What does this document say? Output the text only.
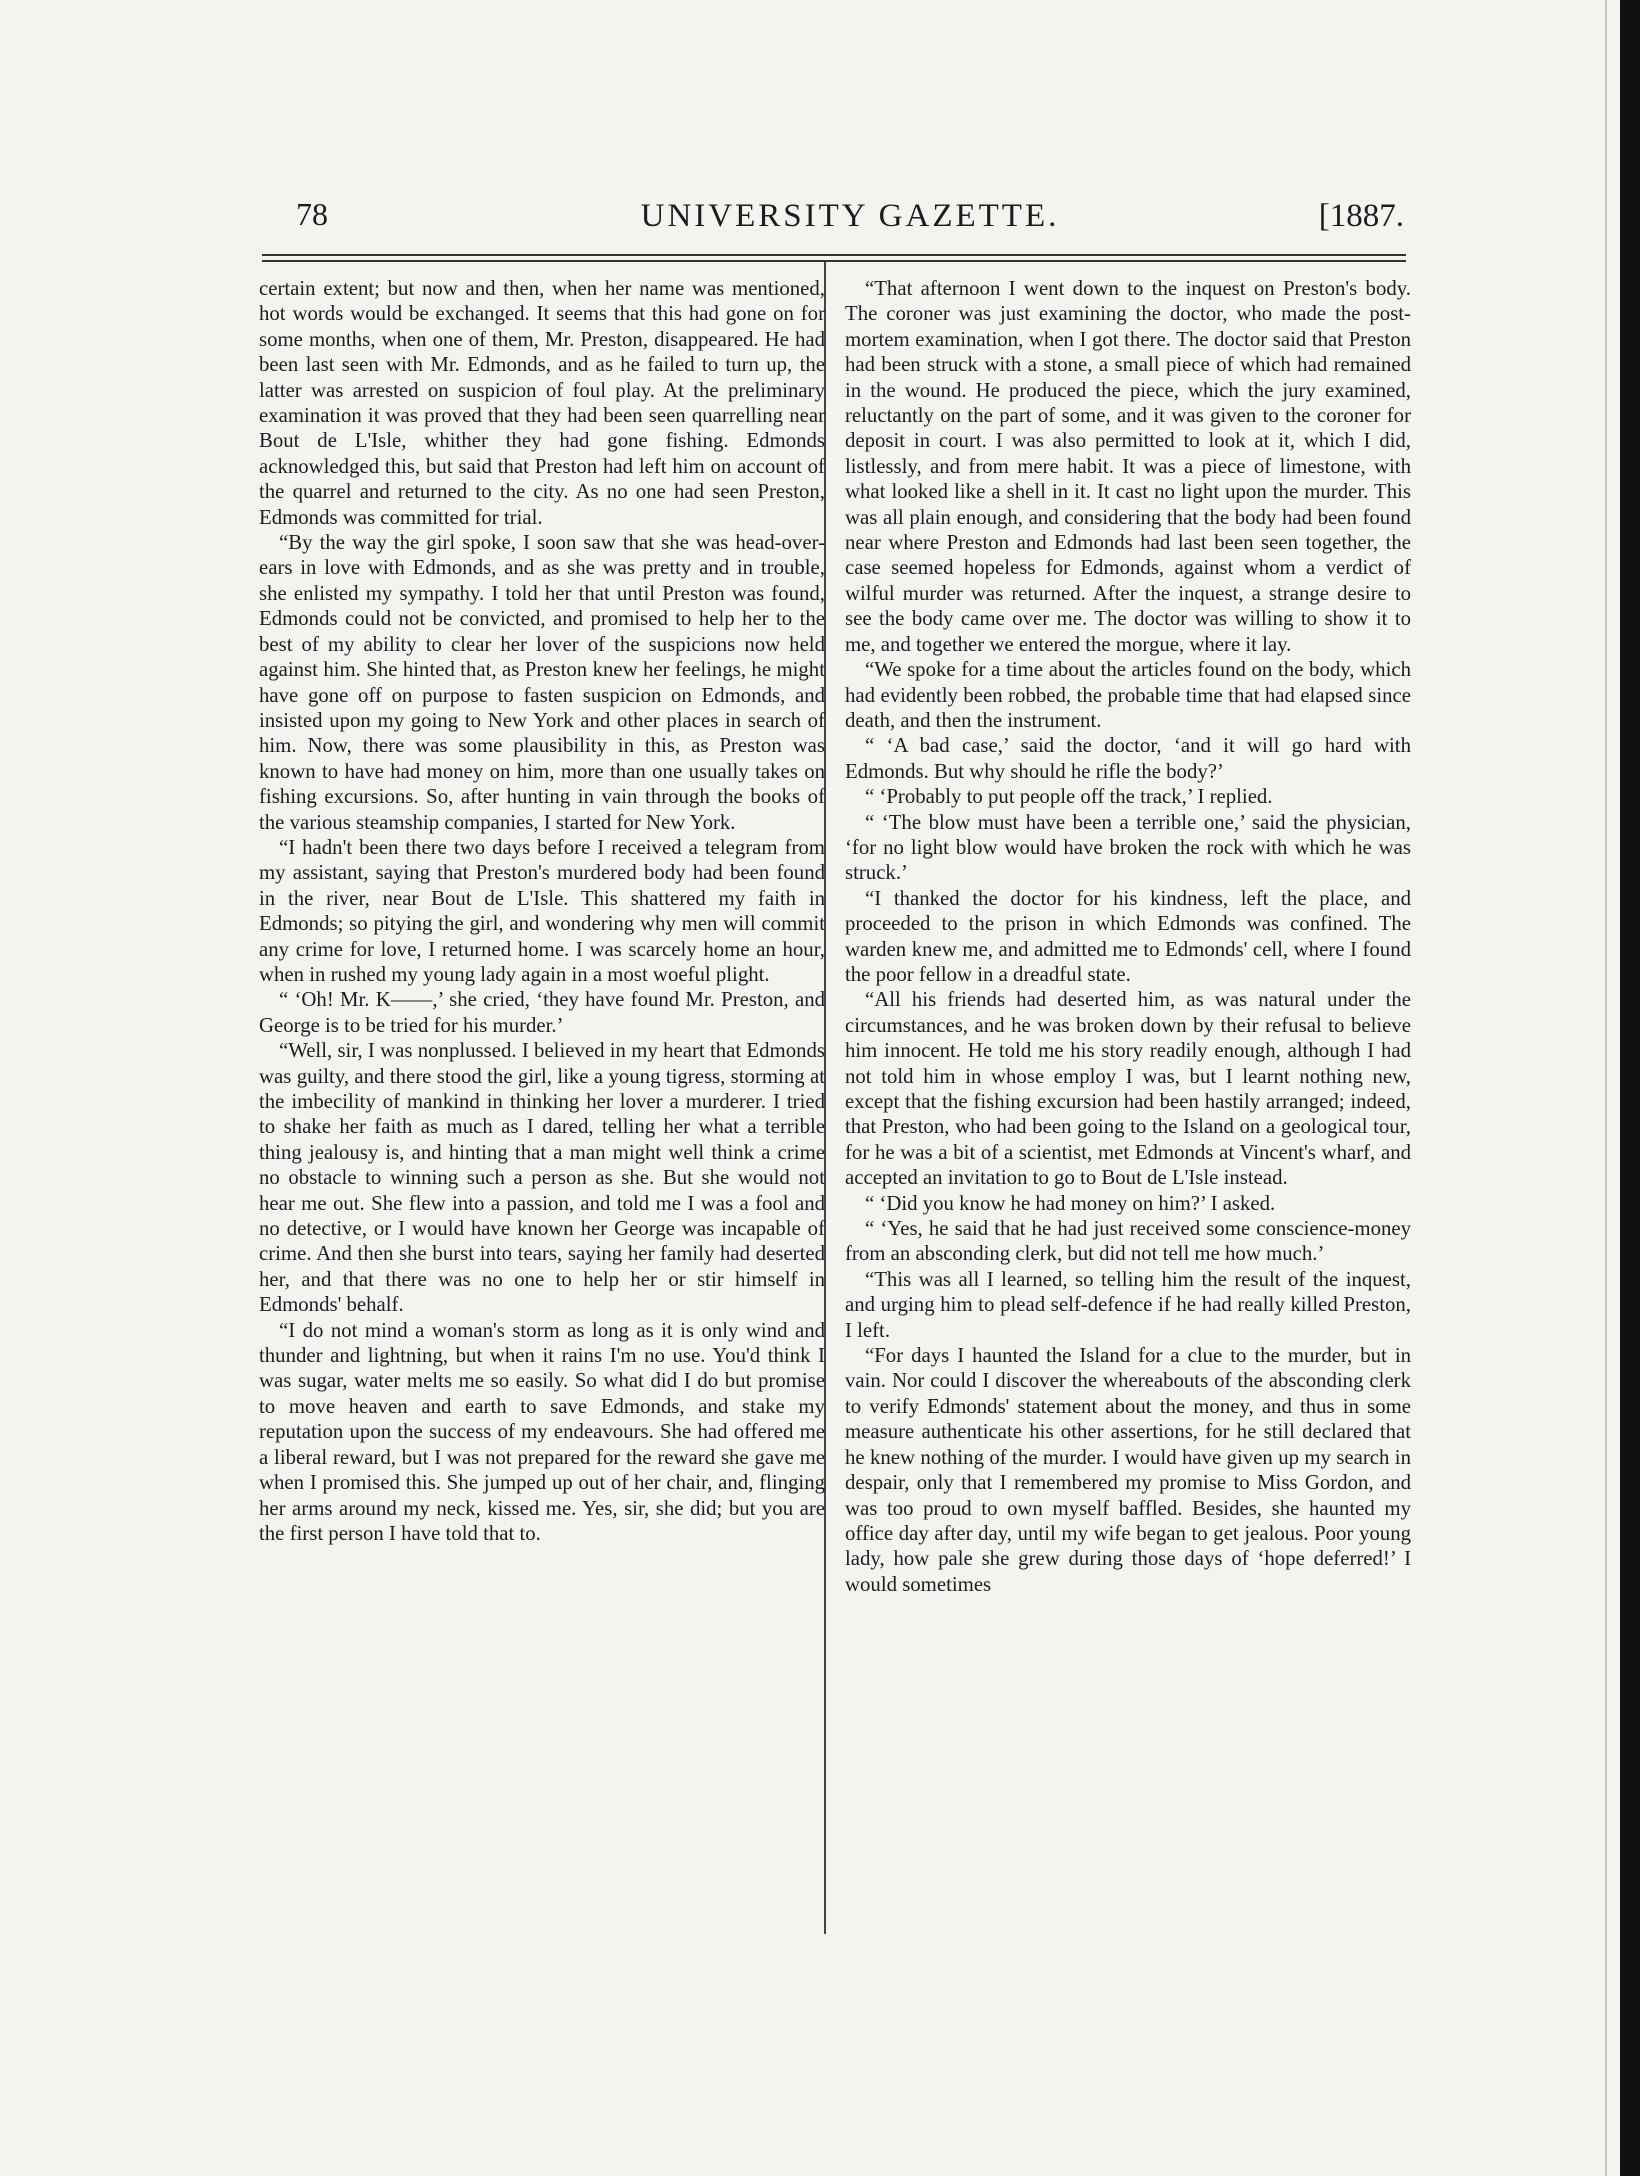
78	UNIVERSITY GAZETTE.	[1887.

certain extent; but now and then, when her name was mentioned, hot words would be exchanged. It seems that this had gone on for some months, when one of them, Mr. Preston, disappeared. He had been last seen with Mr. Edmonds, and as he failed to turn up, the latter was arrested on suspicion of foul play. At the preliminary examination it was proved that they had been seen quarrelling near Bout de L'Isle, whither they had gone fishing. Edmonds acknowledged this, but said that Preston had left him on account of the quarrel and returned to the city. As no one had seen Preston, Edmonds was committed for trial.

“By the way the girl spoke, I soon saw that she was head-over-ears in love with Edmonds, and as she was pretty and in trouble, she enlisted my sympathy. I told her that until Preston was found, Edmonds could not be convicted, and promised to help her to the best of my ability to clear her lover of the suspicions now held against him. She hinted that, as Preston knew her feelings, he might have gone off on purpose to fasten suspicion on Edmonds, and insisted upon my going to New York and other places in search of him. Now, there was some plausibility in this, as Preston was known to have had money on him, more than one usually takes on fishing excursions. So, after hunting in vain through the books of the various steamship companies, I started for New York.

“I hadn't been there two days before I received a telegram from my assistant, saying that Preston's murdered body had been found in the river, near Bout de L'Isle. This shattered my faith in Edmonds; so pitying the girl, and wondering why men will commit any crime for love, I returned home. I was scarcely home an hour, when in rushed my young lady again in a most woeful plight.

“ ‘Oh! Mr. K——,’ she cried, ‘they have found Mr. Preston, and George is to be tried for his murder.’

“Well, sir, I was nonplussed. I believed in my heart that Edmonds was guilty, and there stood the girl, like a young tigress, storming at the imbecility of mankind in thinking her lover a murderer. I tried to shake her faith as much as I dared, telling her what a terrible thing jealousy is, and hinting that a man might well think a crime no obstacle to winning such a person as she. But she would not hear me out. She flew into a passion, and told me I was a fool and no detective, or I would have known her George was incapable of crime. And then she burst into tears, saying her family had deserted her, and that there was no one to help her or stir himself in Edmonds' behalf.

“I do not mind a woman's storm as long as it is only wind and thunder and lightning, but when it rains I'm no use. You'd think I was sugar, water melts me so easily. So what did I do but promise to move heaven and earth to save Edmonds, and stake my reputation upon the success of my endeavours. She had offered me a liberal reward, but I was not prepared for the reward she gave me when I promised this. She jumped up out of her chair, and, flinging her arms around my neck, kissed me. Yes, sir, she did; but you are the first person I have told that to.

“That afternoon I went down to the inquest on Preston's body. The coroner was just examining the doctor, who made the post-mortem examination, when I got there. The doctor said that Preston had been struck with a stone, a small piece of which had remained in the wound. He produced the piece, which the jury examined, reluctantly on the part of some, and it was given to the coroner for deposit in court. I was also permitted to look at it, which I did, listlessly, and from mere habit. It was a piece of limestone, with what looked like a shell in it. It cast no light upon the murder. This was all plain enough, and considering that the body had been found near where Preston and Edmonds had last been seen together, the case seemed hopeless for Edmonds, against whom a verdict of wilful murder was returned. After the inquest, a strange desire to see the body came over me. The doctor was willing to show it to me, and together we entered the morgue, where it lay.

“We spoke for a time about the articles found on the body, which had evidently been robbed, the probable time that had elapsed since death, and then the instrument.

“ ‘A bad case,’ said the doctor, ‘and it will go hard with Edmonds. But why should he rifle the body?’

“ ‘Probably to put people off the track,’ I replied.

“ ‘The blow must have been a terrible one,’ said the physician, ‘for no light blow would have broken the rock with which he was struck.’

“I thanked the doctor for his kindness, left the place, and proceeded to the prison in which Edmonds was confined. The warden knew me, and admitted me to Edmonds' cell, where I found the poor fellow in a dreadful state.

“All his friends had deserted him, as was natural under the circumstances, and he was broken down by their refusal to believe him innocent. He told me his story readily enough, although I had not told him in whose employ I was, but I learnt nothing new, except that the fishing excursion had been hastily arranged; indeed, that Preston, who had been going to the Island on a geological tour, for he was a bit of a scientist, met Edmonds at Vincent's wharf, and accepted an invitation to go to Bout de L'Isle instead.

“ ‘Did you know he had money on him?’ I asked.

“ ‘Yes, he said that he had just received some conscience-money from an absconding clerk, but did not tell me how much.’

“This was all I learned, so telling him the result of the inquest, and urging him to plead self-defence if he had really killed Preston, I left.

“For days I haunted the Island for a clue to the murder, but in vain. Nor could I discover the whereabouts of the absconding clerk to verify Edmonds' statement about the money, and thus in some measure authenticate his other assertions, for he still declared that he knew nothing of the murder. I would have given up my search in despair, only that I remembered my promise to Miss Gordon, and was too proud to own myself baffled. Besides, she haunted my office day after day, until my wife began to get jealous. Poor young lady, how pale she grew during those days of ‘hope deferred!’ I would sometimes
